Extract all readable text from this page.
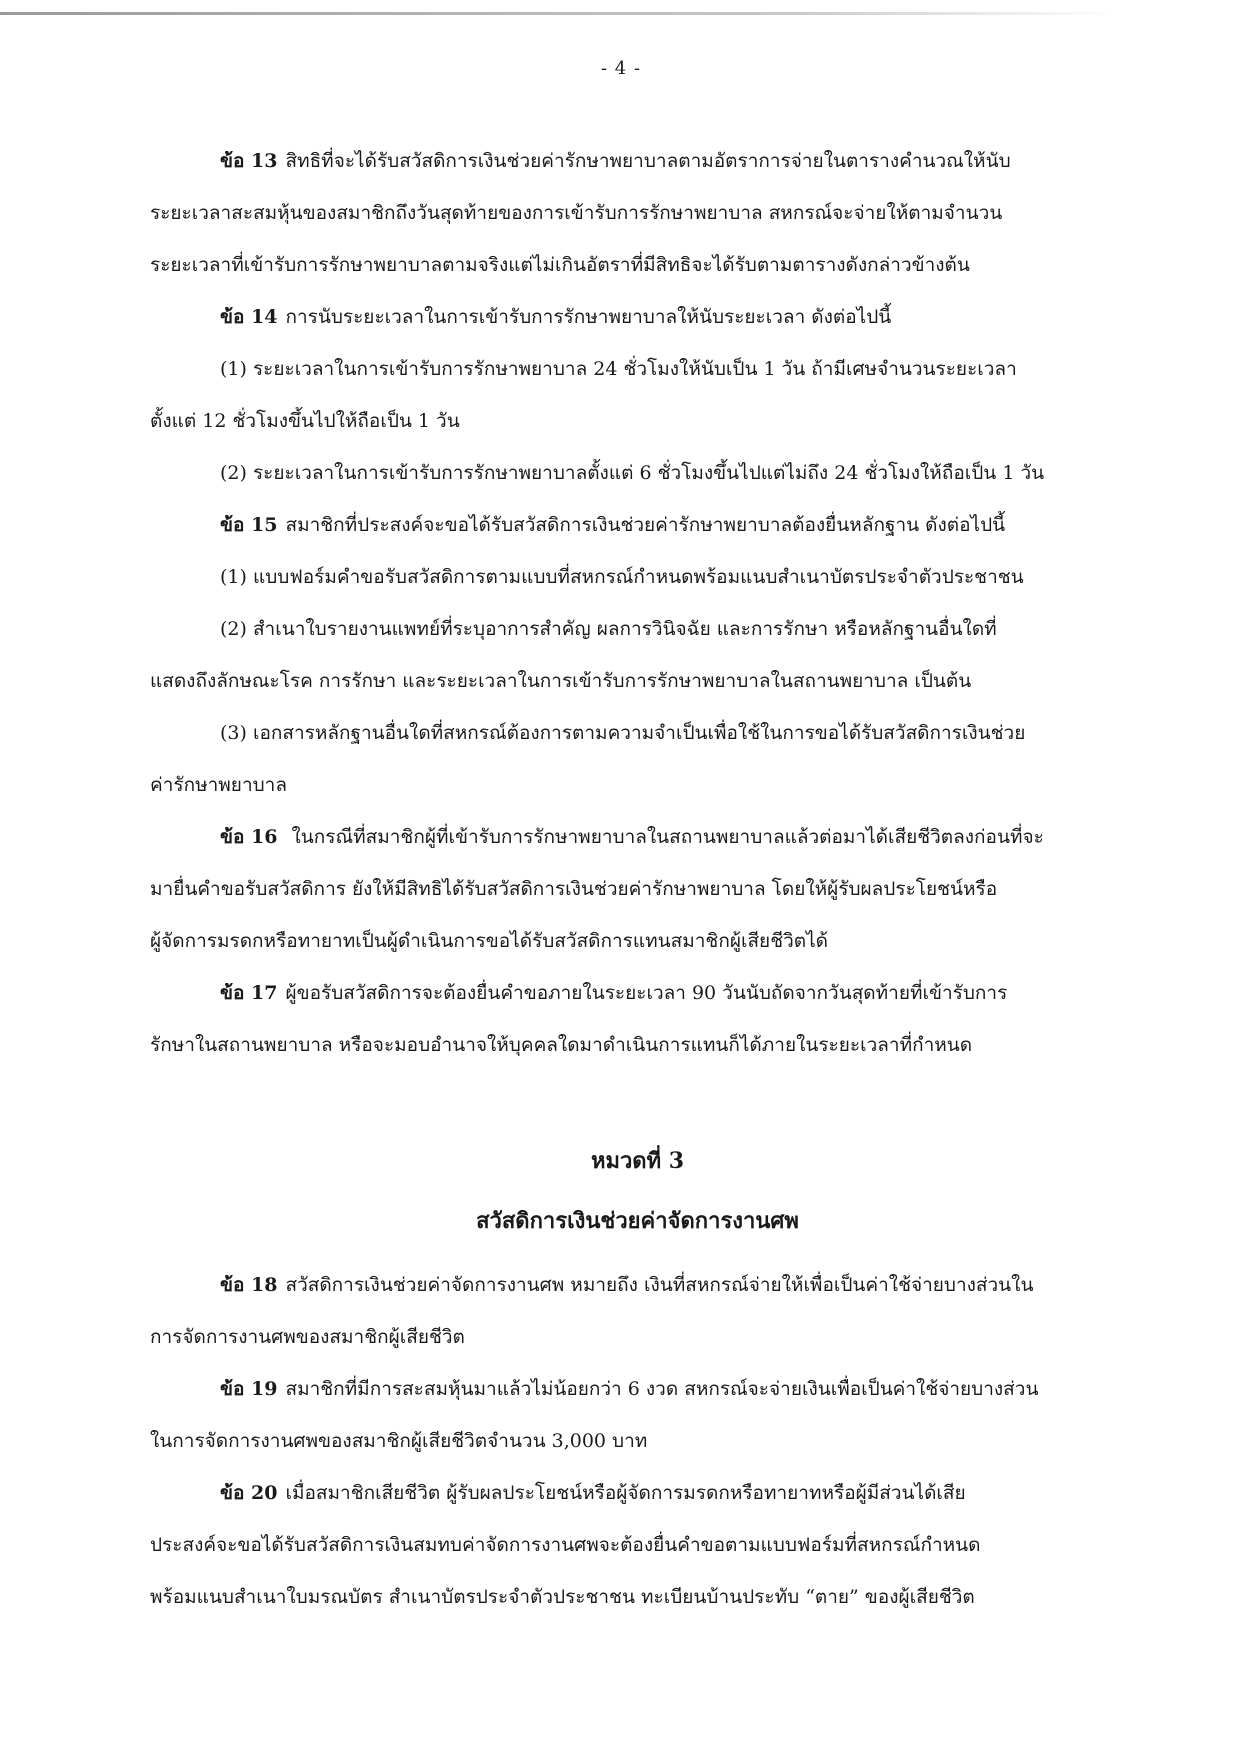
- 4 -
ข้อ 13 สิทธิที่จะได้รับสวัสดิการเงินช่วยค่ารักษาพยาบาลตามอัตราการจ่ายในตารางคำนวณให้นับ
ระยะเวลาสะสมหุ้นของสมาชิกถึงวันสุดท้ายของการเข้ารับการรักษาพยาบาล สหกรณ์จะจ่ายให้ตามจำนวน
ระยะเวลาที่เข้ารับการรักษาพยาบาลตามจริงแต่ไม่เกินอัตราที่มีสิทธิจะได้รับตามตารางดังกล่าวข้างต้น
ข้อ 14 การนับระยะเวลาในการเข้ารับการรักษาพยาบาลให้นับระยะเวลา ดังต่อไปนี้
(1) ระยะเวลาในการเข้ารับการรักษาพยาบาล 24 ชั่วโมงให้นับเป็น 1 วัน ถ้ามีเศษจำนวนระยะเวลา
ตั้งแต่ 12 ชั่วโมงขึ้นไปให้ถือเป็น 1 วัน
(2) ระยะเวลาในการเข้ารับการรักษาพยาบาลตั้งแต่ 6 ชั่วโมงขึ้นไปแต่ไม่ถึง 24 ชั่วโมงให้ถือเป็น 1 วัน
ข้อ 15 สมาชิกที่ประสงค์จะขอได้รับสวัสดิการเงินช่วยค่ารักษาพยาบาลต้องยื่นหลักฐาน ดังต่อไปนี้
(1) แบบฟอร์มคำขอรับสวัสดิการตามแบบที่สหกรณ์กำหนดพร้อมแนบสำเนาบัตรประจำตัวประชาชน
(2) สำเนาใบรายงานแพทย์ที่ระบุอาการสำคัญ ผลการวินิจฉัย และการรักษา หรือหลักฐานอื่นใดที่
แสดงถึงลักษณะโรค การรักษา และระยะเวลาในการเข้ารับการรักษาพยาบาลในสถานพยาบาล เป็นต้น
(3) เอกสารหลักฐานอื่นใดที่สหกรณ์ต้องการตามความจำเป็นเพื่อใช้ในการขอได้รับสวัสดิการเงินช่วย
ค่ารักษาพยาบาล
ข้อ 16 ในกรณีที่สมาชิกผู้ที่เข้ารับการรักษาพยาบาลในสถานพยาบาลแล้วต่อมาได้เสียชีวิตลงก่อนที่จะ
มายื่นคำขอรับสวัสดิการ ยังให้มีสิทธิได้รับสวัสดิการเงินช่วยค่ารักษาพยาบาล โดยให้ผู้รับผลประโยชน์หรือ
ผู้จัดการมรดกหรือทายาทเป็นผู้ดำเนินการขอได้รับสวัสดิการแทนสมาชิกผู้เสียชีวิตได้
ข้อ 17 ผู้ขอรับสวัสดิการจะต้องยื่นคำขอภายในระยะเวลา 90 วันนับถัดจากวันสุดท้ายที่เข้ารับการ
รักษาในสถานพยาบาล หรือจะมอบอำนาจให้บุคคลใดมาดำเนินการแทนก็ได้ภายในระยะเวลาที่กำหนด
หมวดที่ 3
สวัสดิการเงินช่วยค่าจัดการงานศพ
ข้อ 18 สวัสดิการเงินช่วยค่าจัดการงานศพ หมายถึง เงินที่สหกรณ์จ่ายให้เพื่อเป็นค่าใช้จ่ายบางส่วนใน
การจัดการงานศพของสมาชิกผู้เสียชีวิต
ข้อ 19 สมาชิกที่มีการสะสมหุ้นมาแล้วไม่น้อยกว่า 6 งวด สหกรณ์จะจ่ายเงินเพื่อเป็นค่าใช้จ่ายบางส่วน
ในการจัดการงานศพของสมาชิกผู้เสียชีวิตจำนวน 3,000 บาท
ข้อ 20 เมื่อสมาชิกเสียชีวิต ผู้รับผลประโยชน์หรือผู้จัดการมรดกหรือทายาทหรือผู้มีส่วนได้เสีย
ประสงค์จะขอได้รับสวัสดิการเงินสมทบค่าจัดการงานศพจะต้องยื่นคำขอตามแบบฟอร์มที่สหกรณ์กำหนด
พร้อมแนบสำเนาใบมรณบัตร สำเนาบัตรประจำตัวประชาชน ทะเบียนบ้านประทับ “ตาย” ของผู้เสียชีวิต
